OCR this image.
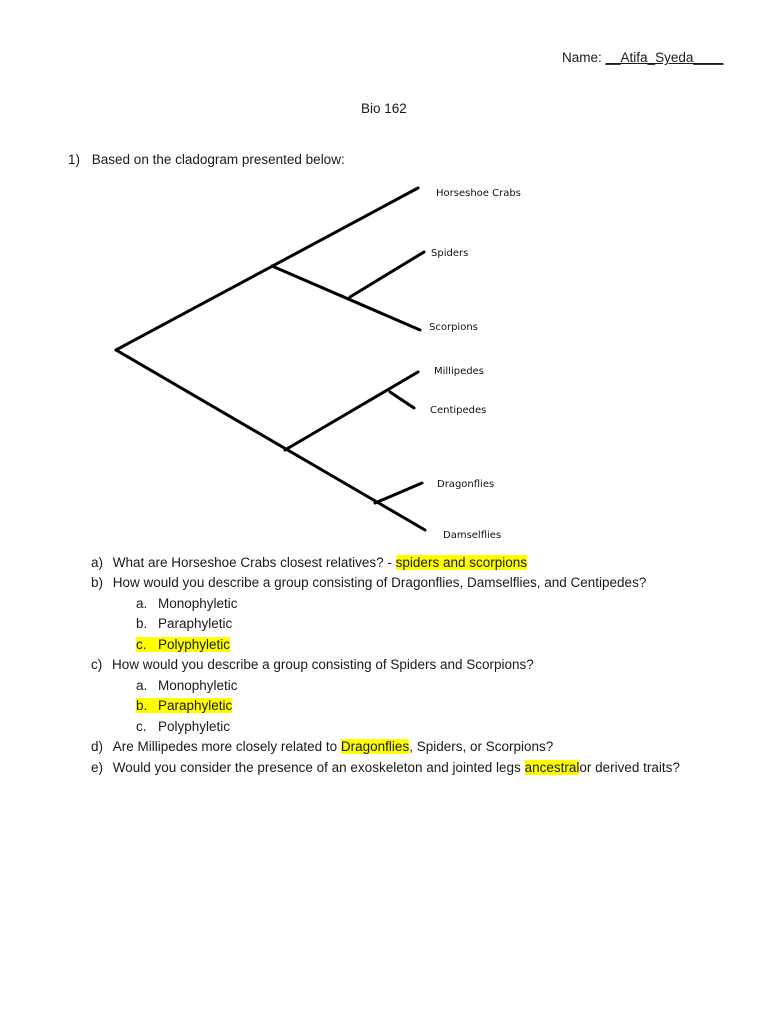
Name: __Atifa_Syeda____
Bio 162
1) Based on the cladogram presented below:
Horseshoe Crabs
Spiders
Scorpions
Millipedes
Centipedes
Dragonflies
Damselflies
a) What are Horseshoe Crabs closest relatives? - spiders and scorpions
b) How would you describe a group consisting of Dragonflies, Damselflies, and Centipedes?
a. Monophyletic
b. Paraphyletic
c. Polyphyletic
c) How would you describe a group consisting of Spiders and Scorpions?
a. Monophyletic
b. Paraphyletic
c. Polyphyletic
d) Are Millipedes more closely related to Dragonflies, Spiders, or Scorpions?
e) Would you consider the presence of an exoskeleton and jointed legs ancestralor derived traits?
